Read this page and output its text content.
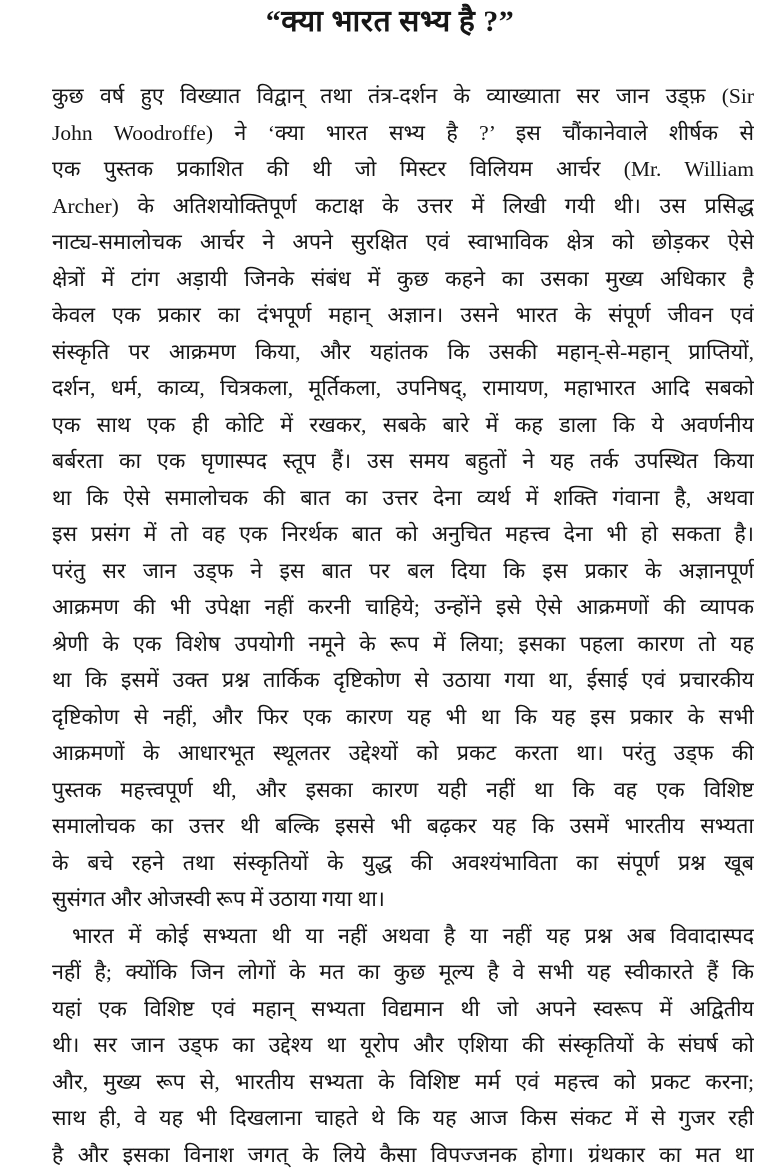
“क्या भारत सभ्य है ?”
कुछ वर्ष हुए विख्यात विद्वान् तथा तंत्र-दर्शन के व्याख्याता सर जान उड्फ़ (Sir
John Woodroffe) ने ‘क्या भारत सभ्य है ?’ इस चौंकानेवाले शीर्षक से
एक पुस्तक प्रकाशित की थी जो मिस्टर विलियम आर्चर (Mr. William
Archer) के अतिशयोक्तिपूर्ण कटाक्ष के उत्तर में लिखी गयी थी। उस प्रसिद्ध
नाट्य-समालोचक आर्चर ने अपने सुरक्षित एवं स्वाभाविक क्षेत्र को छोड़कर ऐसे
क्षेत्रों में टांग अड़ायी जिनके संबंध में कुछ कहने का उसका मुख्य अधिकार है
केवल एक प्रकार का दंभपूर्ण महान् अज्ञान। उसने भारत के संपूर्ण जीवन एवं
संस्कृति पर आक्रमण किया, और यहांतक कि उसकी महान्-से-महान् प्राप्तियों,
दर्शन, धर्म, काव्य, चित्रकला, मूर्तिकला, उपनिषद्, रामायण, महाभारत आदि सबको
एक साथ एक ही कोटि में रखकर, सबके बारे में कह डाला कि ये अवर्णनीय
बर्बरता का एक घृणास्पद स्तूप हैं। उस समय बहुतों ने यह तर्क उपस्थित किया
था कि ऐसे समालोचक की बात का उत्तर देना व्यर्थ में शक्ति गंवाना है, अथवा
इस प्रसंग में तो वह एक निरर्थक बात को अनुचित महत्त्व देना भी हो सकता है।
परंतु सर जान उड्फ ने इस बात पर बल दिया कि इस प्रकार के अज्ञानपूर्ण
आक्रमण की भी उपेक्षा नहीं करनी चाहिये; उन्होंने इसे ऐसे आक्रमणों की व्यापक
श्रेणी के एक विशेष उपयोगी नमूने के रूप में लिया; इसका पहला कारण तो यह
था कि इसमें उक्त प्रश्न तार्किक दृष्टिकोण से उठाया गया था, ईसाई एवं प्रचारकीय
दृष्टिकोण से नहीं, और फिर एक कारण यह भी था कि यह इस प्रकार के सभी
आक्रमणों के आधारभूत स्थूलतर उद्देश्यों को प्रकट करता था। परंतु उड्फ की
पुस्तक महत्त्वपूर्ण थी, और इसका कारण यही नहीं था कि वह एक विशिष्ट
समालोचक का उत्तर थी बल्कि इससे भी बढ़कर यह कि उसमें भारतीय सभ्यता
के बचे रहने तथा संस्कृतियों के युद्ध की अवश्यंभाविता का संपूर्ण प्रश्न खूब
सुसंगत और ओजस्वी रूप में उठाया गया था।
भारत में कोई सभ्यता थी या नहीं अथवा है या नहीं यह प्रश्न अब विवादास्पद
नहीं है; क्योंकि जिन लोगों के मत का कुछ मूल्य है वे सभी यह स्वीकारते हैं कि
यहां एक विशिष्ट एवं महान् सभ्यता विद्यमान थी जो अपने स्वरूप में अद्वितीय
थी। सर जान उड्फ का उद्देश्य था यूरोप और एशिया की संस्कृतियों के संघर्ष को
और, मुख्य रूप से, भारतीय सभ्यता के विशिष्ट मर्म एवं महत्त्व को प्रकट करना;
साथ ही, वे यह भी दिखलाना चाहते थे कि यह आज किस संकट में से गुजर रही
है और इसका विनाश जगत् के लिये कैसा विपज्जनक होगा। ग्रंथकार का मत था
